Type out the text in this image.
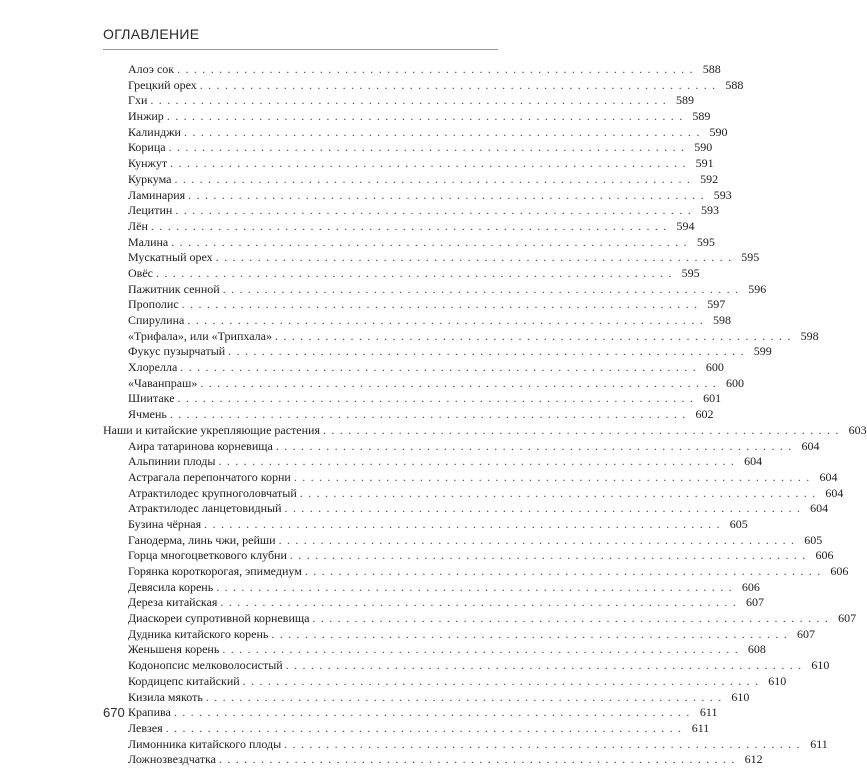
ОГЛАВЛЕНИЕ
Алоэ сок . . . . . . . . . . . . . . . . . . . . . . . . . . . . . . . . . . . . . . . . . . . . . . . . . . . . . . . . . . . . . . 588
Грецкий орех . . . . . . . . . . . . . . . . . . . . . . . . . . . . . . . . . . . . . . . . . . . . . . . . . . . . . . . . . . . . . . 588
Гхи . . . . . . . . . . . . . . . . . . . . . . . . . . . . . . . . . . . . . . . . . . . . . . . . . . . . . . . . . . . . . . 589
Инжир . . . . . . . . . . . . . . . . . . . . . . . . . . . . . . . . . . . . . . . . . . . . . . . . . . . . . . . . . . . . . . 589
Калинджи . . . . . . . . . . . . . . . . . . . . . . . . . . . . . . . . . . . . . . . . . . . . . . . . . . . . . . . . . . . . . . 590
Корица . . . . . . . . . . . . . . . . . . . . . . . . . . . . . . . . . . . . . . . . . . . . . . . . . . . . . . . . . . . . . . 590
Кунжут . . . . . . . . . . . . . . . . . . . . . . . . . . . . . . . . . . . . . . . . . . . . . . . . . . . . . . . . . . . . . . 591
Куркума . . . . . . . . . . . . . . . . . . . . . . . . . . . . . . . . . . . . . . . . . . . . . . . . . . . . . . . . . . . . . . 592
Ламинария . . . . . . . . . . . . . . . . . . . . . . . . . . . . . . . . . . . . . . . . . . . . . . . . . . . . . . . . . . . . . . 593
Лецитин . . . . . . . . . . . . . . . . . . . . . . . . . . . . . . . . . . . . . . . . . . . . . . . . . . . . . . . . . . . . . . 593
Лён . . . . . . . . . . . . . . . . . . . . . . . . . . . . . . . . . . . . . . . . . . . . . . . . . . . . . . . . . . . . . . 594
Малина . . . . . . . . . . . . . . . . . . . . . . . . . . . . . . . . . . . . . . . . . . . . . . . . . . . . . . . . . . . . . . 595
Мускатный орех . . . . . . . . . . . . . . . . . . . . . . . . . . . . . . . . . . . . . . . . . . . . . . . . . . . . . . . . . . . . . . 595
Овёс . . . . . . . . . . . . . . . . . . . . . . . . . . . . . . . . . . . . . . . . . . . . . . . . . . . . . . . . . . . . . . 595
Пажитник сенной . . . . . . . . . . . . . . . . . . . . . . . . . . . . . . . . . . . . . . . . . . . . . . . . . . . . . . . . . . . . . . 596
Прополис . . . . . . . . . . . . . . . . . . . . . . . . . . . . . . . . . . . . . . . . . . . . . . . . . . . . . . . . . . . . . . 597
Спирулина . . . . . . . . . . . . . . . . . . . . . . . . . . . . . . . . . . . . . . . . . . . . . . . . . . . . . . . . . . . . . . 598
«Трифала», или «Трипхала» . . . . . . . . . . . . . . . . . . . . . . . . . . . . . . . . . . . . . . . . . . . . . . . . . . . . . . . . . . . . . . 598
Фукус пузырчатый . . . . . . . . . . . . . . . . . . . . . . . . . . . . . . . . . . . . . . . . . . . . . . . . . . . . . . . . . . . . . . 599
Хлорелла . . . . . . . . . . . . . . . . . . . . . . . . . . . . . . . . . . . . . . . . . . . . . . . . . . . . . . . . . . . . . . 600
«Чаванпраш» . . . . . . . . . . . . . . . . . . . . . . . . . . . . . . . . . . . . . . . . . . . . . . . . . . . . . . . . . . . . . . 600
Шиитаке . . . . . . . . . . . . . . . . . . . . . . . . . . . . . . . . . . . . . . . . . . . . . . . . . . . . . . . . . . . . . . 601
Ячмень . . . . . . . . . . . . . . . . . . . . . . . . . . . . . . . . . . . . . . . . . . . . . . . . . . . . . . . . . . . . . . 602
Наши и китайские укрепляющие растения . . . . . . . . . . . . . . . . . . . . . . . . . . . . . . . . . . . . . . . . . . . . . . . . . . . . . . . . . . . . . . 603
Аира татаринова корневища . . . . . . . . . . . . . . . . . . . . . . . . . . . . . . . . . . . . . . . . . . . . . . . . . . . . . . . . . . . . . . 604
Альпинии плоды . . . . . . . . . . . . . . . . . . . . . . . . . . . . . . . . . . . . . . . . . . . . . . . . . . . . . . . . . . . . . . 604
Астрагала перепончатого корни . . . . . . . . . . . . . . . . . . . . . . . . . . . . . . . . . . . . . . . . . . . . . . . . . . . . . . . . . . . . . . 604
Атрактилодес крупноголовчатый . . . . . . . . . . . . . . . . . . . . . . . . . . . . . . . . . . . . . . . . . . . . . . . . . . . . . . . . . . . . . . 604
Атрактилодес ланцетовидный . . . . . . . . . . . . . . . . . . . . . . . . . . . . . . . . . . . . . . . . . . . . . . . . . . . . . . . . . . . . . . 604
Бузина чёрная . . . . . . . . . . . . . . . . . . . . . . . . . . . . . . . . . . . . . . . . . . . . . . . . . . . . . . . . . . . . . . 605
Ганодерма, линь чжи, рейши . . . . . . . . . . . . . . . . . . . . . . . . . . . . . . . . . . . . . . . . . . . . . . . . . . . . . . . . . . . . . . 605
Горца многоцветкового клубни . . . . . . . . . . . . . . . . . . . . . . . . . . . . . . . . . . . . . . . . . . . . . . . . . . . . . . . . . . . . . . 606
Горянка короткорогая, эпимедиум . . . . . . . . . . . . . . . . . . . . . . . . . . . . . . . . . . . . . . . . . . . . . . . . . . . . . . . . . . . . . . 606
Девясила корень . . . . . . . . . . . . . . . . . . . . . . . . . . . . . . . . . . . . . . . . . . . . . . . . . . . . . . . . . . . . . . 606
Дереза китайская . . . . . . . . . . . . . . . . . . . . . . . . . . . . . . . . . . . . . . . . . . . . . . . . . . . . . . . . . . . . . . 607
Диаскореи супротивной корневища . . . . . . . . . . . . . . . . . . . . . . . . . . . . . . . . . . . . . . . . . . . . . . . . . . . . . . . . . . . . . . 607
Дудника китайского корень . . . . . . . . . . . . . . . . . . . . . . . . . . . . . . . . . . . . . . . . . . . . . . . . . . . . . . . . . . . . . . 607
Женьшеня корень . . . . . . . . . . . . . . . . . . . . . . . . . . . . . . . . . . . . . . . . . . . . . . . . . . . . . . . . . . . . . . 608
Кодонопсис мелковолосистый . . . . . . . . . . . . . . . . . . . . . . . . . . . . . . . . . . . . . . . . . . . . . . . . . . . . . . . . . . . . . . 610
Кордицепс китайский . . . . . . . . . . . . . . . . . . . . . . . . . . . . . . . . . . . . . . . . . . . . . . . . . . . . . . . . . . . . . . 610
Кизила мякоть . . . . . . . . . . . . . . . . . . . . . . . . . . . . . . . . . . . . . . . . . . . . . . . . . . . . . . . . . . . . . . 610
Крапива . . . . . . . . . . . . . . . . . . . . . . . . . . . . . . . . . . . . . . . . . . . . . . . . . . . . . . . . . . . . . . 611
Левзея . . . . . . . . . . . . . . . . . . . . . . . . . . . . . . . . . . . . . . . . . . . . . . . . . . . . . . . . . . . . . . 611
Лимонника китайского плоды . . . . . . . . . . . . . . . . . . . . . . . . . . . . . . . . . . . . . . . . . . . . . . . . . . . . . . . . . . . . . . 611
Ложнозвездчатка . . . . . . . . . . . . . . . . . . . . . . . . . . . . . . . . . . . . . . . . . . . . . . . . . . . . . . . . . . . . . . 612
670
